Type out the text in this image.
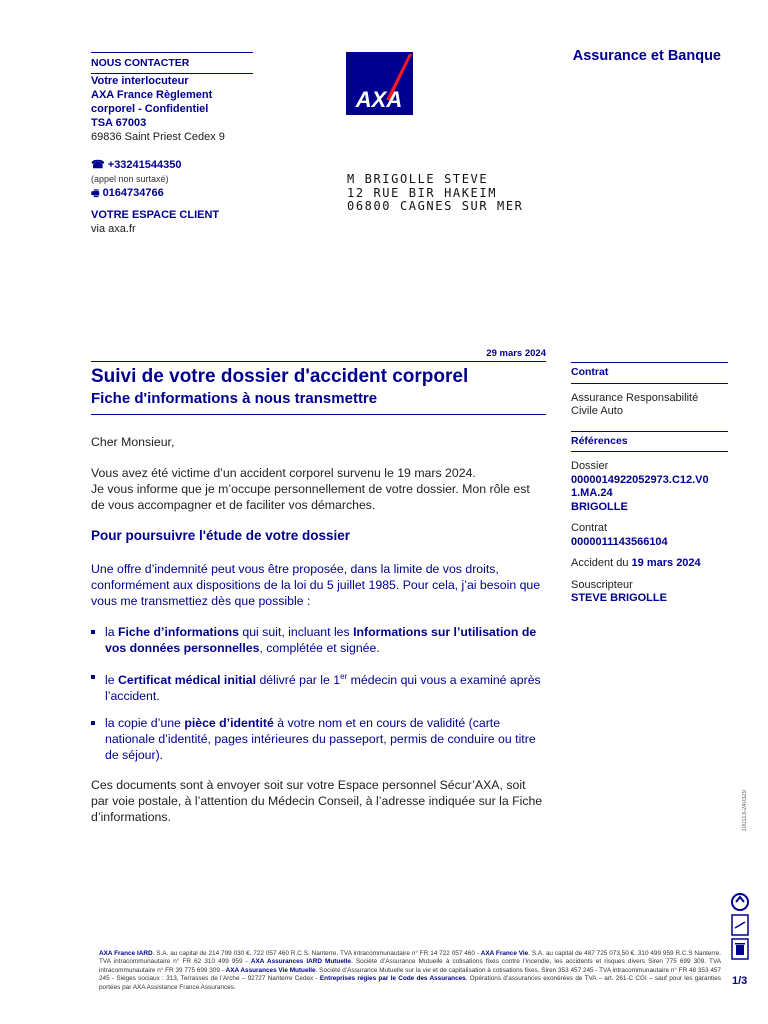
NOUS CONTACTER
Votre interlocuteur
AXA France Règlement
corporel - Confidentiel
TSA 67003
69836 Saint Priest Cedex 9
☎ +33241544350
(appel non surtaxé)
🖷 0164734766
VOTRE ESPACE CLIENT
via axa.fr
AXA
Assurance et Banque
M BRIGOLLE STEVE
12 RUE BIR HAKEIM
06800 CAGNES SUR MER
29 mars 2024
Suivi de votre dossier d'accident corporel
Fiche d'informations à nous transmettre
Cher Monsieur,
Vous avez été victime d’un accident corporel survenu le 19 mars 2024.
Je vous informe que je m’occupe personnellement de votre dossier. Mon rôle est de vous accompagner et de faciliter vos démarches.
Pour poursuivre l'étude de votre dossier
Une offre d’indemnité peut vous être proposée, dans la limite de vos droits, conformément aux dispositions de la loi du 5 juillet 1985. Pour cela, j’ai besoin que vous me transmettiez dès que possible :
la Fiche d’informations qui suit, incluant les Informations sur l’utilisation de vos données personnelles, complétée et signée.
le Certificat médical initial délivré par le 1er médecin qui vous a examiné après l’accident.
la copie d’une pièce d’identité à votre nom et en cours de validité (carte nationale d’identité, pages intérieures du passeport, permis de conduire ou titre de séjour).
Ces documents sont à envoyer soit sur votre Espace personnel Sécur’AXA, soit par voie postale, à l’attention du Médecin Conseil, à l’adresse indiquée sur la Fiche d’informations.
Contrat
Assurance Responsabilité Civile Auto
Références
Dossier
0000014922052973.C12.V0
1.MA.24
BRIGOLLE
Contrat
0000011143566104
Accident du 19 mars 2024
Souscripteur
STEVE BRIGOLLE
100113-240329
AXA France IARD. S.A. au capital de 214 799 030 €. 722 057 460 R.C.S. Nanterre. TVA intracommunautaire n° FR 14 722 057 460 - AXA France Vie. S.A. au capital de 487 725 073,50 €. 310 499 959 R.C.S Nanterre. TVA intracommunautaire n° FR 62 310 499 959 - AXA Assurances IARD Mutuelle. Société d’Assurance Mutuelle à cotisations fixes contre l’incendie, les accidents et risques divers Siren 775 699 309. TVA intracommunautaire n° FR 39 775 699 309 - AXA Assurances Vie Mutuelle. Société d’Assurance Mutuelle sur la vie et de capitalisation à cotisations fixes. Siren 353 457 245 - TVA intracommunautaire n° FR 48 353 457 245 - Sièges sociaux : 313, Terrasses de l’Arche – 92727 Nanterre Cedex - Entreprises régies par le Code des Assurances. Opérations d’assurances exonérées de TVA – art. 261-C CGI – sauf pour les garanties portées par AXA Assistance France Assurances.
1/3
